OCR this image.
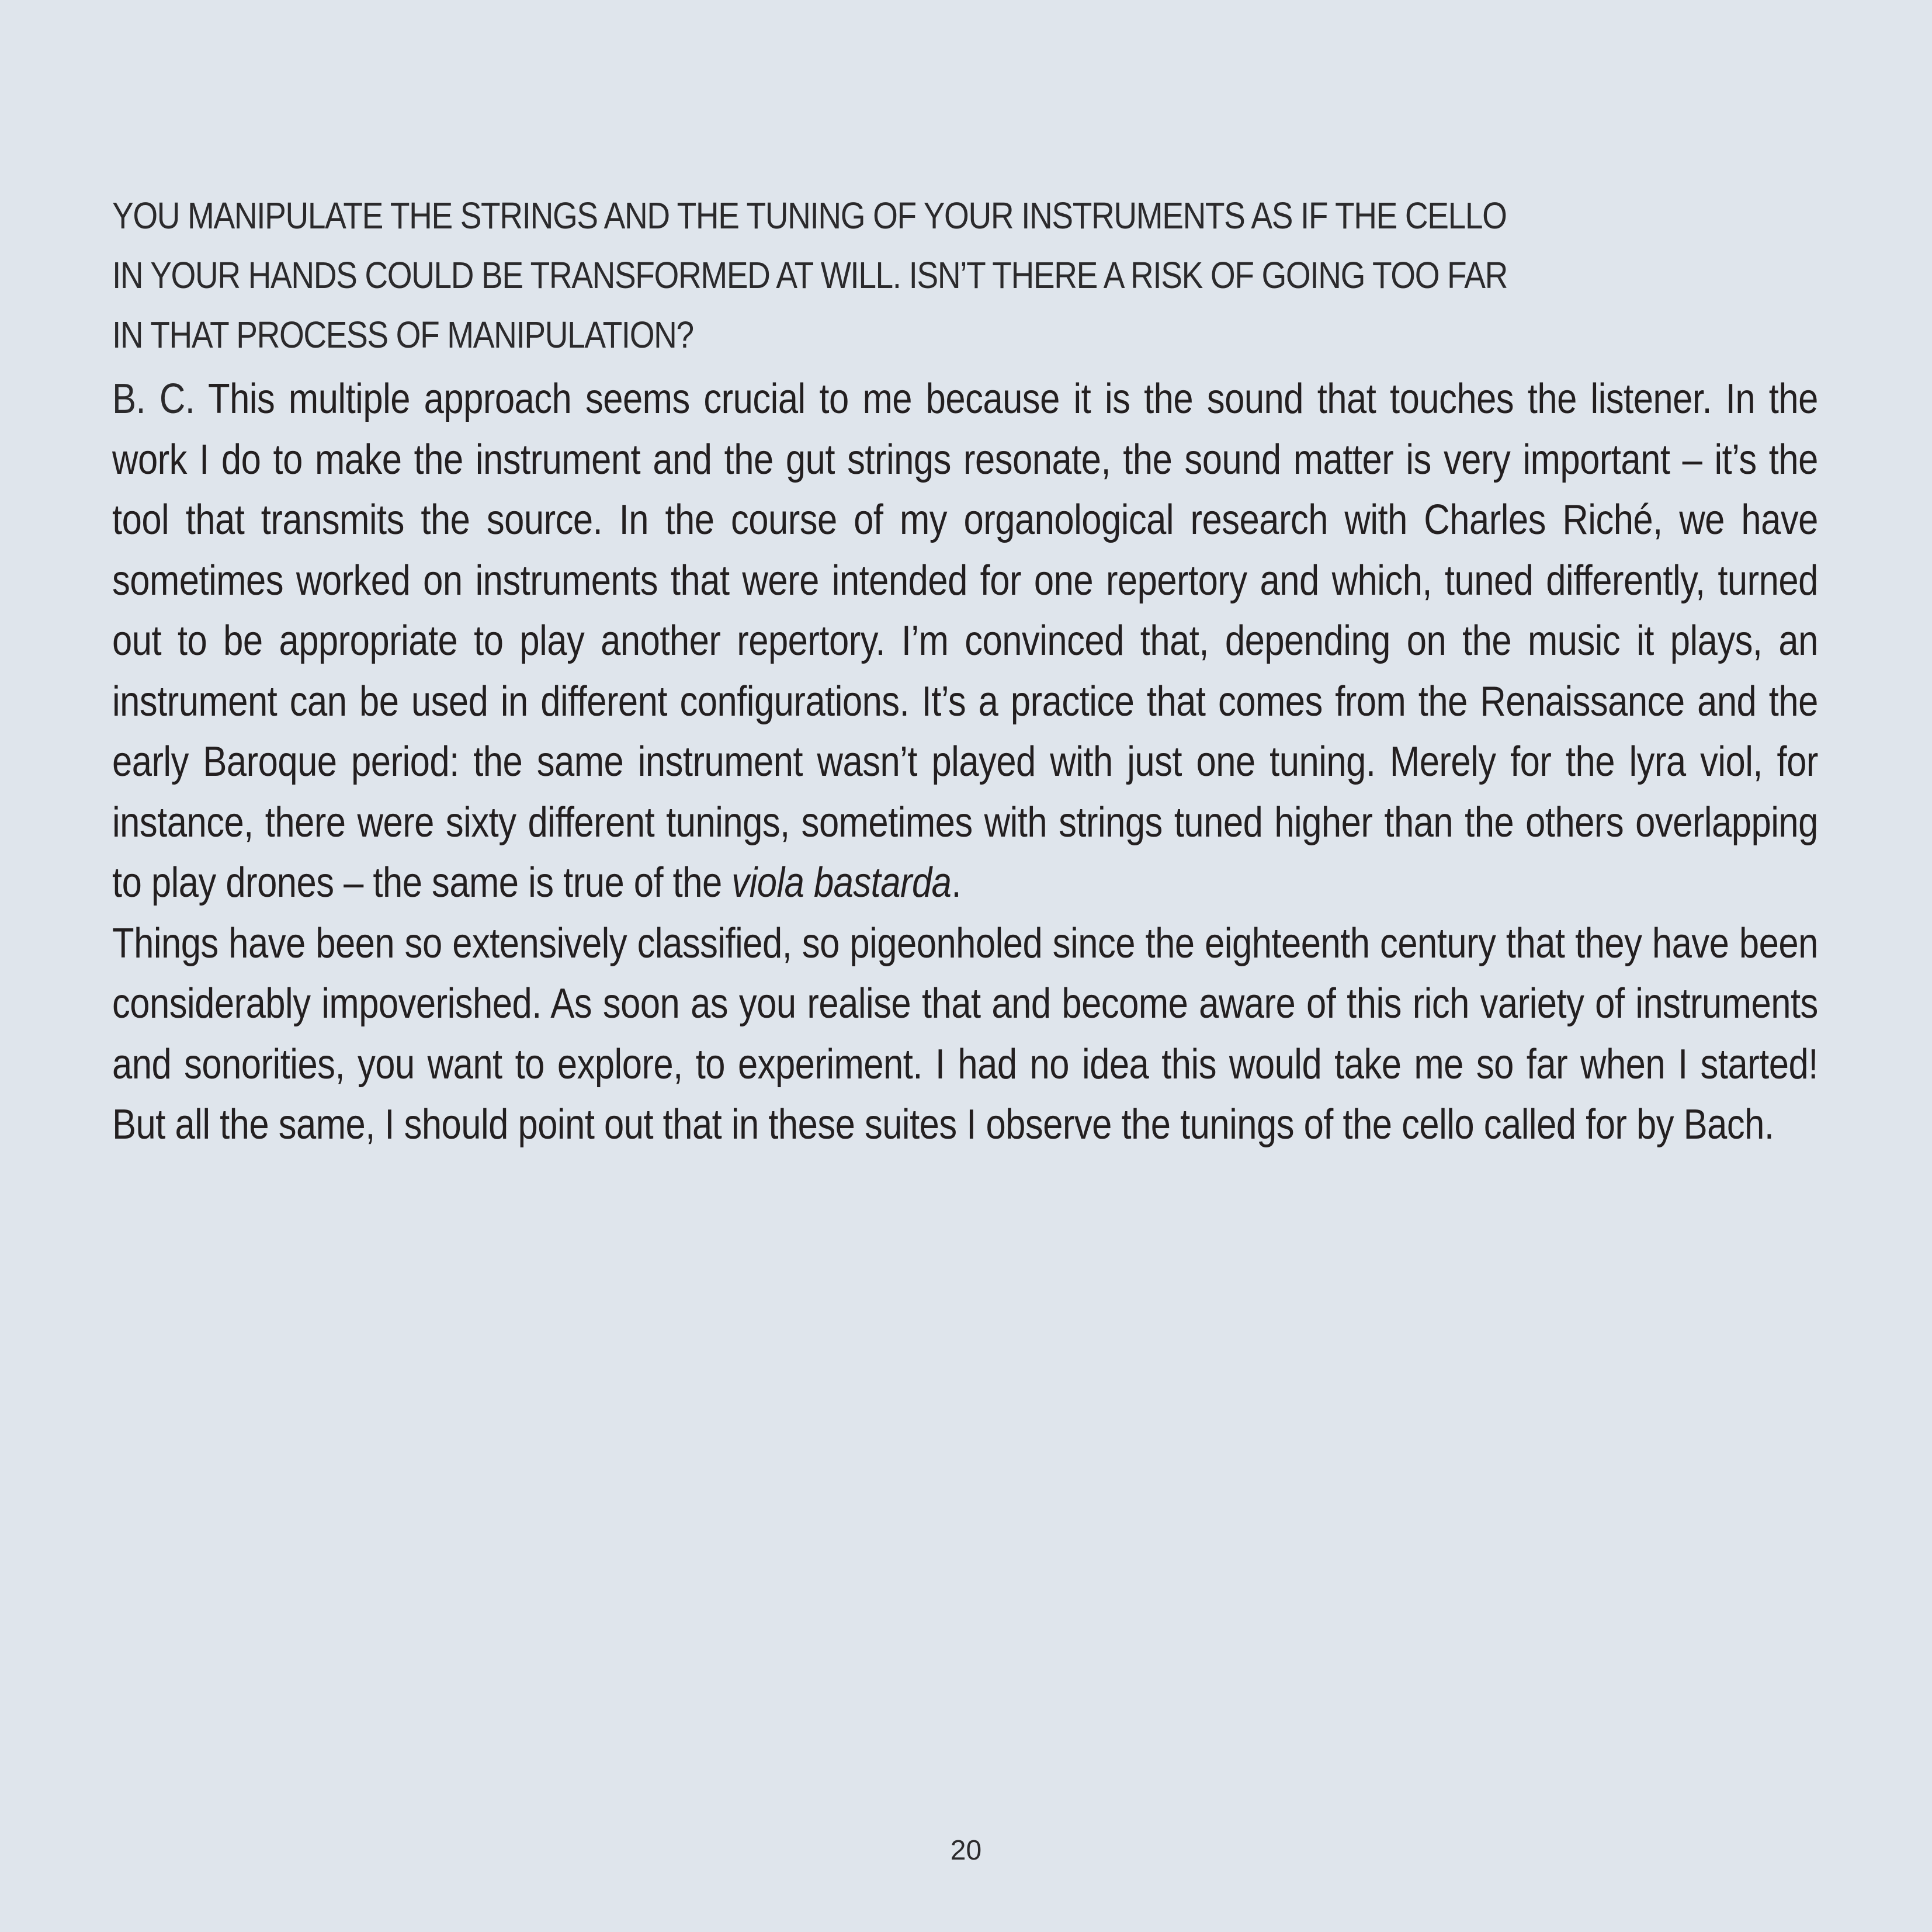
YOU MANIPULATE THE STRINGS AND THE TUNING OF YOUR INSTRUMENTS AS IF THE CELLO
IN YOUR HANDS COULD BE TRANSFORMED AT WILL. ISN’T THERE A RISK OF GOING TOO FAR
IN THAT PROCESS OF MANIPULATION?

B. C. This multiple approach seems crucial to me because it is the sound that touches the listener. In the work I do to make the instrument and the gut strings resonate, the sound matter is very important – it’s the tool that transmits the source. In the course of my organological research with Charles Riché, we have sometimes worked on instruments that were intended for one repertory and which, tuned differently, turned out to be appropriate to play another repertory. I’m convinced that, depending on the music it plays, an instrument can be used in different configurations. It’s a practice that comes from the Renaissance and the early Baroque period: the same instrument wasn’t played with just one tuning. Merely for the lyra viol, for instance, there were sixty different tunings, sometimes with strings tuned higher than the others overlapping to play drones – the same is true of the viola bastarda.

Things have been so extensively classified, so pigeonholed since the eighteenth century that they have been considerably impoverished. As soon as you realise that and become aware of this rich variety of instruments and sonorities, you want to explore, to experiment. I had no idea this would take me so far when I started! But all the same, I should point out that in these suites I observe the tunings of the cello called for by Bach.

20
